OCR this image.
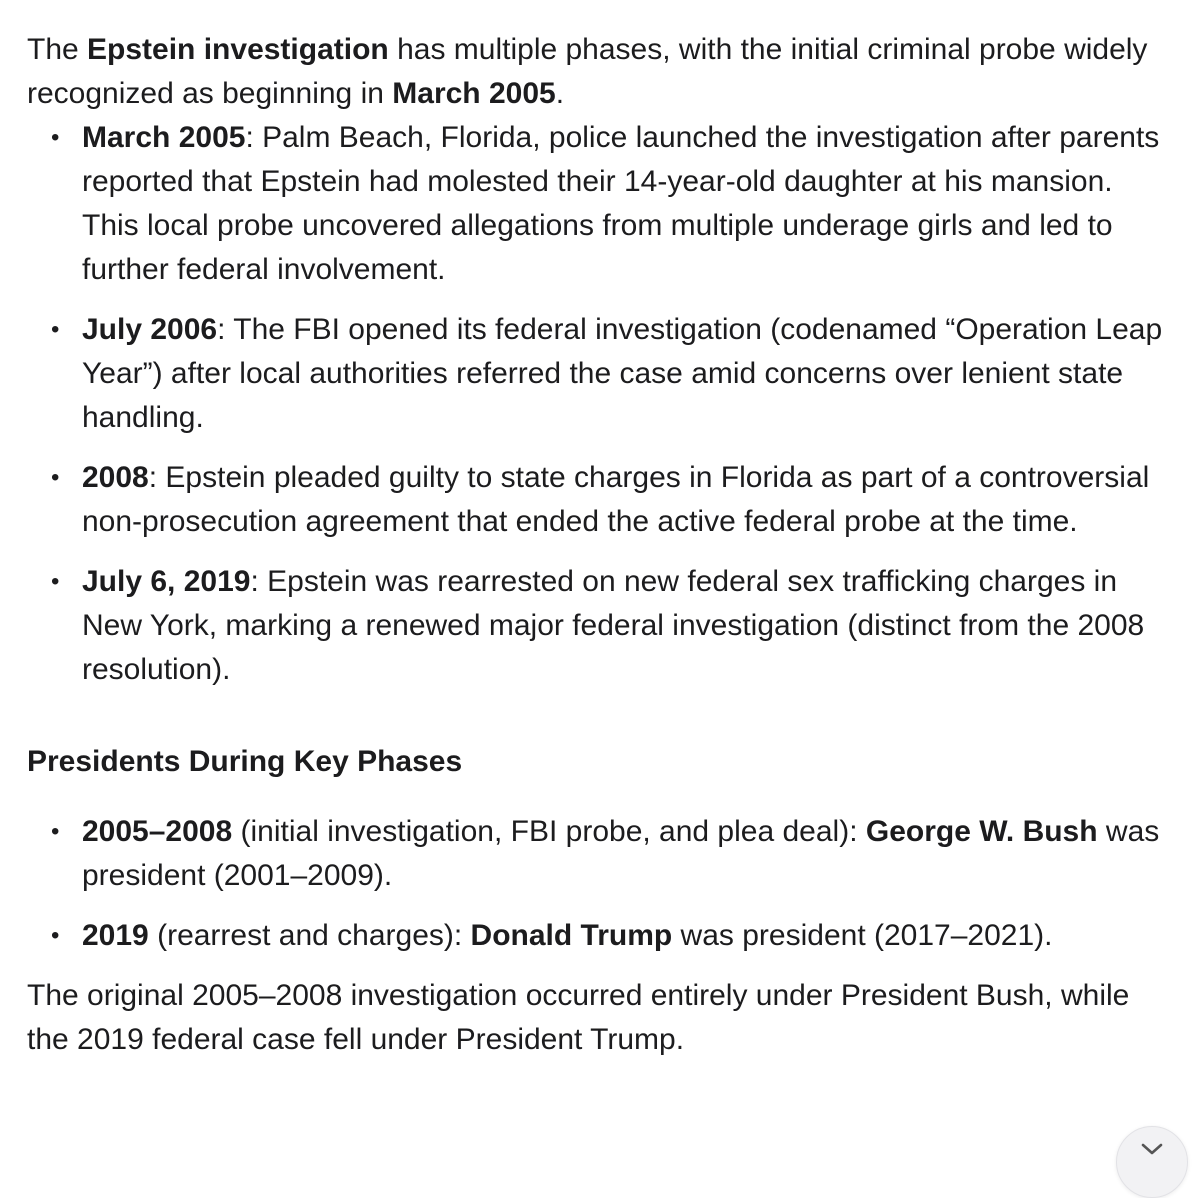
The Epstein investigation has multiple phases, with the initial criminal probe widely recognized as beginning in March 2005.

• March 2005: Palm Beach, Florida, police launched the investigation after parents reported that Epstein had molested their 14-year-old daughter at his mansion. This local probe uncovered allegations from multiple underage girls and led to further federal involvement.
• July 2006: The FBI opened its federal investigation (codenamed “Operation Leap Year”) after local authorities referred the case amid concerns over lenient state handling.
• 2008: Epstein pleaded guilty to state charges in Florida as part of a controversial non-prosecution agreement that ended the active federal probe at the time.
• July 6, 2019: Epstein was rearrested on new federal sex trafficking charges in New York, marking a renewed major federal investigation (distinct from the 2008 resolution).
Presidents During Key Phases
• 2005–2008 (initial investigation, FBI probe, and plea deal): George W. Bush was president (2001–2009).
• 2019 (rearrest and charges): Donald Trump was president (2017–2021).

The original 2005–2008 investigation occurred entirely under President Bush, while the 2019 federal case fell under President Trump.
